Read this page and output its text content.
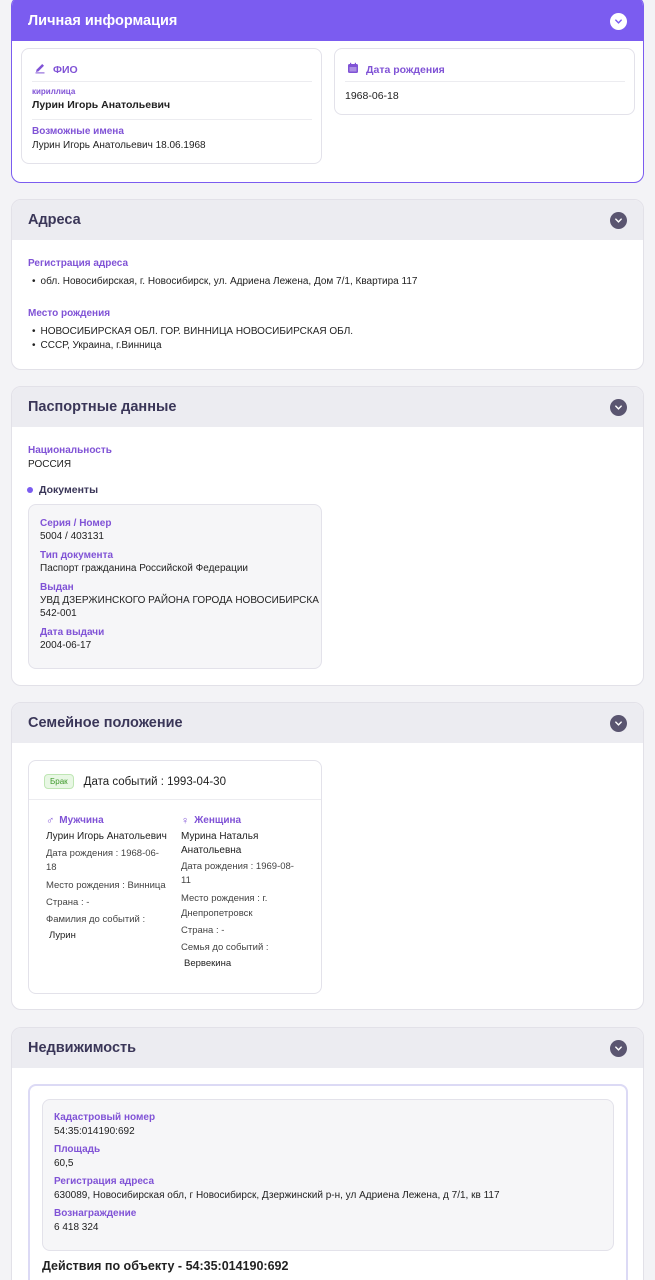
Личная информация
ФИО
кириллица
Лурин Игорь Анатольевич
Возможные имена
Лурин Игорь Анатольевич 18.06.1968
Дата рождения
1968-06-18
Адреса
Регистрация адреса
• обл. Новосибирская, г. Новосибирск, ул. Адриена Лежена, Дом 7/1, Квартира 117
Место рождения
• НОВОСИБИРСКАЯ ОБЛ. ГОР. ВИННИЦА НОВОСИБИРСКАЯ ОБЛ.
• СССР, Украина, г.Винница
Паспортные данные
Национальность
РОССИЯ
Документы
Серия / Номер
5004 / 403131
Тип документа
Паспорт гражданина Российской Федерации
Выдан
УВД ДЗЕРЖИНСКОГО РАЙОНА ГОРОДА НОВОСИБИРСКА
542-001
Дата выдачи
2004-06-17
Семейное положение
Брак	Дата событий : 1993-04-30
♂ Мужчина
Лурин Игорь Анатольевич
Дата рождения : 1968-06-
18
Место рождения : Винница
Страна : -
Фамилия до событий :
Лурин
♀ Женщина
Мурина Наталья
Анатольевна
Дата рождения : 1969-08-
11
Место рождения : г.
Днепропетровск
Страна : -
Семья до событий :
Вервекина
Недвижимость
Кадастровый номер
54:35:014190:692
Площадь
60,5
Регистрация адреса
630089, Новосибирская обл, г Новосибирск, Дзержинский р-н, ул Адриена Лежена, д 7/1, кв 117
Вознаграждение
6 418 324
Действия по объекту - 54:35:014190:692
